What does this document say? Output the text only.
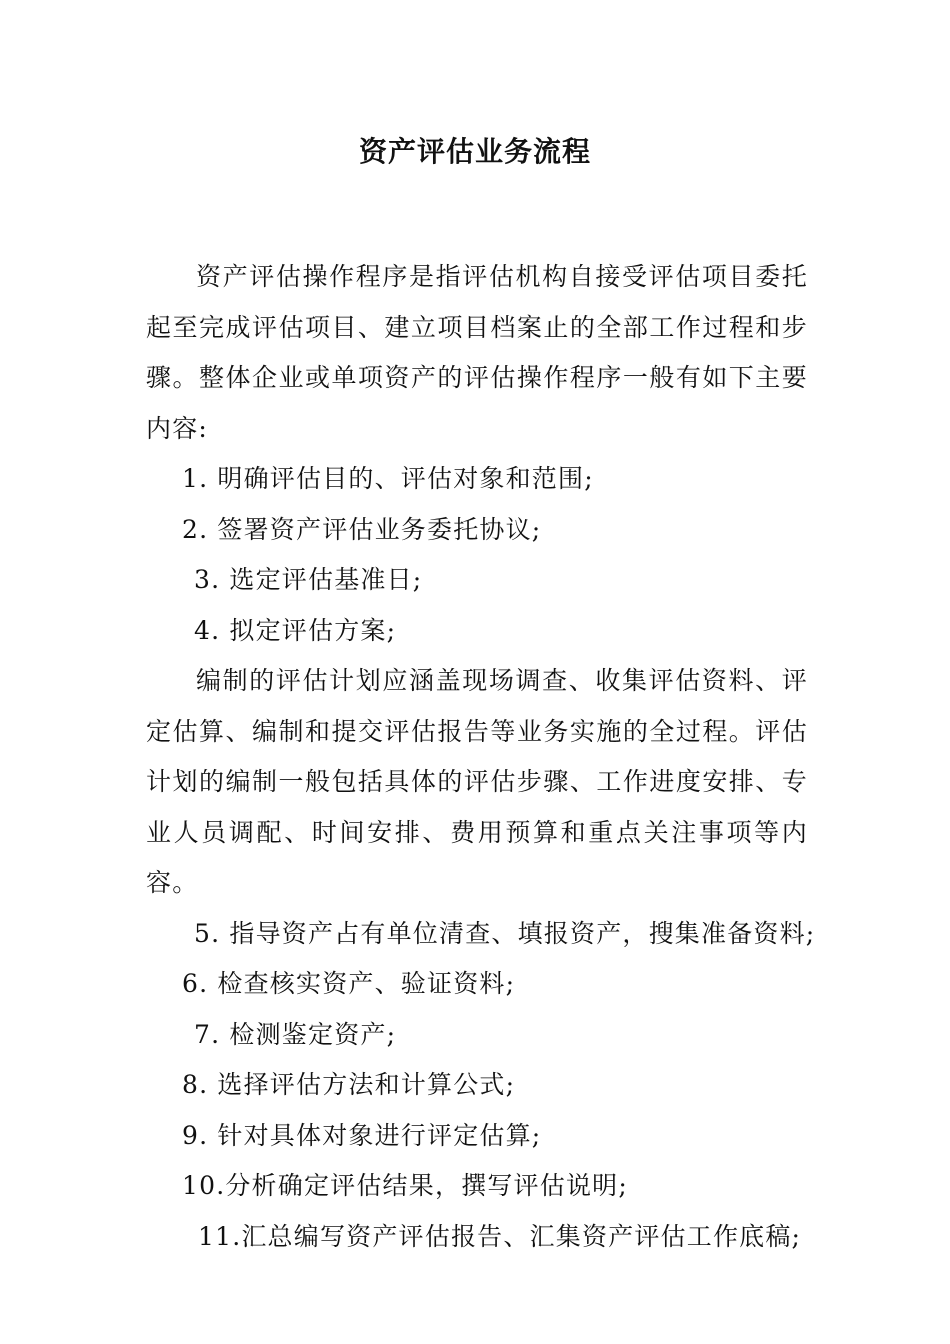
资产评估业务流程

资产评估操作程序是指评估机构自接受评估项目委托起至完成评估项目、建立项目档案止的全部工作过程和步骤。整体企业或单项资产的评估操作程序一般有如下主要内容:

1. 明确评估目的、评估对象和范围;

2. 签署资产评估业务委托协议;

3. 选定评估基准日;

4. 拟定评估方案;

编制的评估计划应涵盖现场调查、收集评估资料、评定估算、编制和提交评估报告等业务实施的全过程。评估计划的编制一般包括具体的评估步骤、工作进度安排、专业人员调配、时间安排、费用预算和重点关注事项等内容。

5. 指导资产占有单位清查、填报资产，搜集准备资料;

6. 检查核实资产、验证资料;

7. 检测鉴定资产;

8. 选择评估方法和计算公式;

9. 针对具体对象进行评定估算;

10.分析确定评估结果，撰写评估说明;

11.汇总编写资产评估报告、汇集资产评估工作底稿;
